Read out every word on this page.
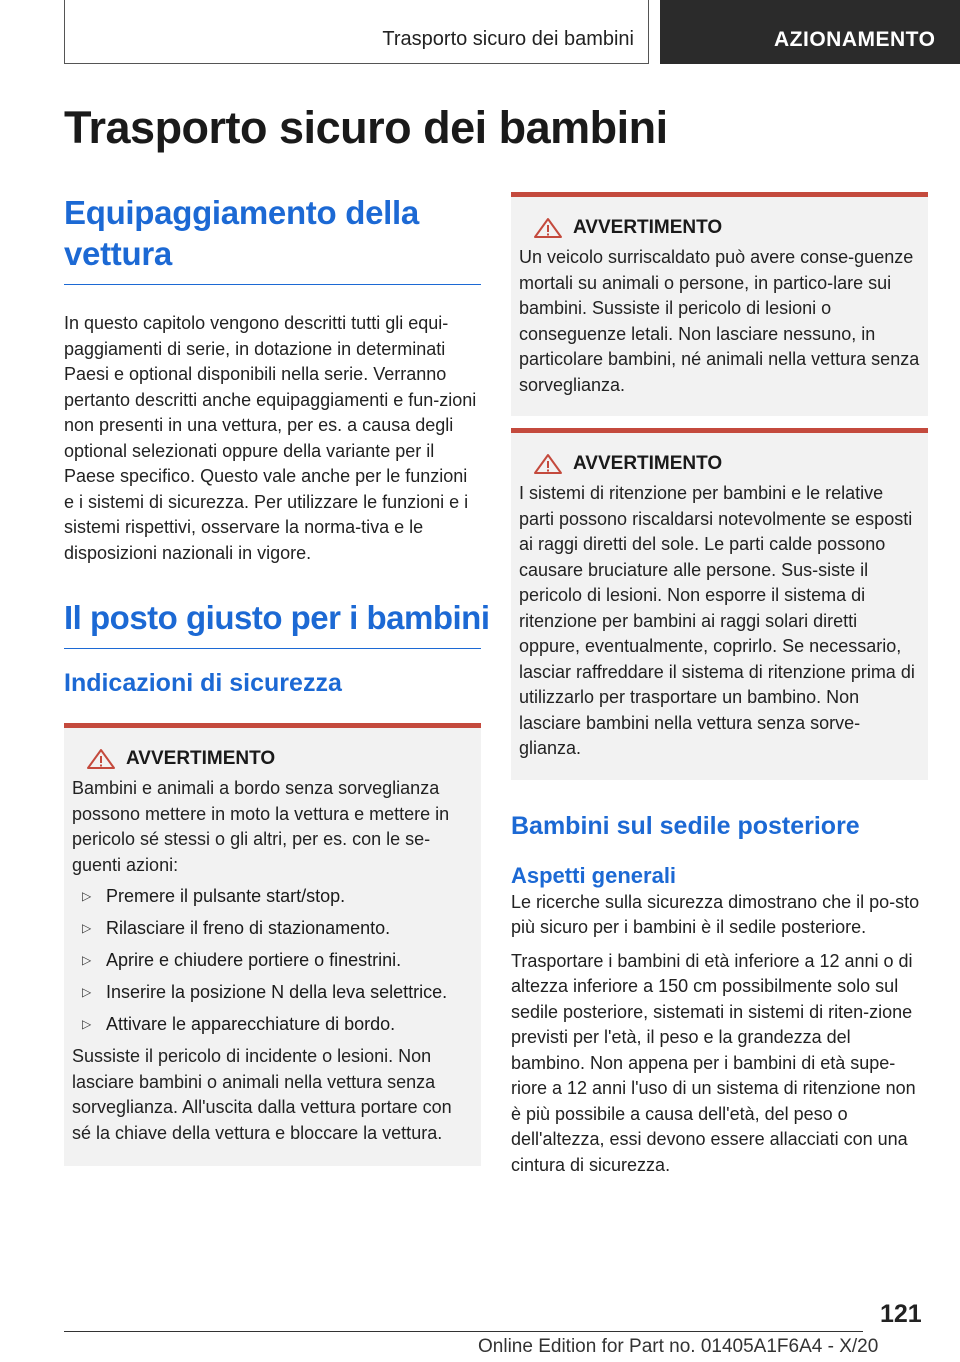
Trasporto sicuro dei bambini	AZIONAMENTO
Trasporto sicuro dei bambini
Equipaggiamento della vettura

In questo capitolo vengono descritti tutti gli equi-paggiamenti di serie, in dotazione in determinati Paesi e optional disponibili nella serie. Verranno pertanto descritti anche equipaggiamenti e fun-zioni non presenti in una vettura, per es. a causa degli optional selezionati oppure della variante per il Paese specifico. Questo vale anche per le funzioni e i sistemi di sicurezza. Per utilizzare le funzioni e i sistemi rispettivi, osservare la norma-tiva e le disposizioni nazionali in vigore.

Il posto giusto per i bambini
Indicazioni di sicurezza
AVVERTIMENTO

Bambini e animali a bordo senza sorveglianza possono mettere in moto la vettura e mettere in pericolo sé stessi o gli altri, per es. con le se-guenti azioni:

▷ Premere il pulsante start/stop.
▷ Rilasciare il freno di stazionamento.
▷ Aprire e chiudere portiere o finestrini.
▷ Inserire la posizione N della leva selettrice.
▷ Attivare le apparecchiature di bordo.

Sussiste il pericolo di incidente o lesioni. Non lasciare bambini o animali nella vettura senza sorveglianza. All'uscita dalla vettura portare con sé la chiave della vettura e bloccare la vettura.

AVVERTIMENTO

Un veicolo surriscaldato può avere conse-guenze mortali su animali o persone, in partico-lare sui bambini. Sussiste il pericolo di lesioni o conseguenze letali. Non lasciare nessuno, in particolare bambini, né animali nella vettura senza sorveglianza.

AVVERTIMENTO

I sistemi di ritenzione per bambini e le relative parti possono riscaldarsi notevolmente se esposti ai raggi diretti del sole. Le parti calde possono causare bruciature alle persone. Sus-siste il pericolo di lesioni. Non esporre il sistema di ritenzione per bambini ai raggi solari diretti oppure, eventualmente, coprirlo. Se necessario, lasciar raffreddare il sistema di ritenzione prima di utilizzarlo per trasportare un bambino. Non lasciare bambini nella vettura senza sorve-glianza.

Bambini sul sedile posteriore
Aspetti generali

Le ricerche sulla sicurezza dimostrano che il po-sto più sicuro per i bambini è il sedile posteriore.

Trasportare i bambini di età inferiore a 12 anni o di altezza inferiore a 150 cm possibilmente solo sul sedile posteriore, sistemati in sistemi di riten-zione previsti per l'età, il peso e la grandezza del bambino. Non appena per i bambini di età supe-riore a 12 anni l'uso di un sistema di ritenzione non è più possibile a causa dell'età, del peso o dell'altezza, essi devono essere allacciati con una cintura di sicurezza.

121
Online Edition for Part no. 01405A1F6A4 - X/20
